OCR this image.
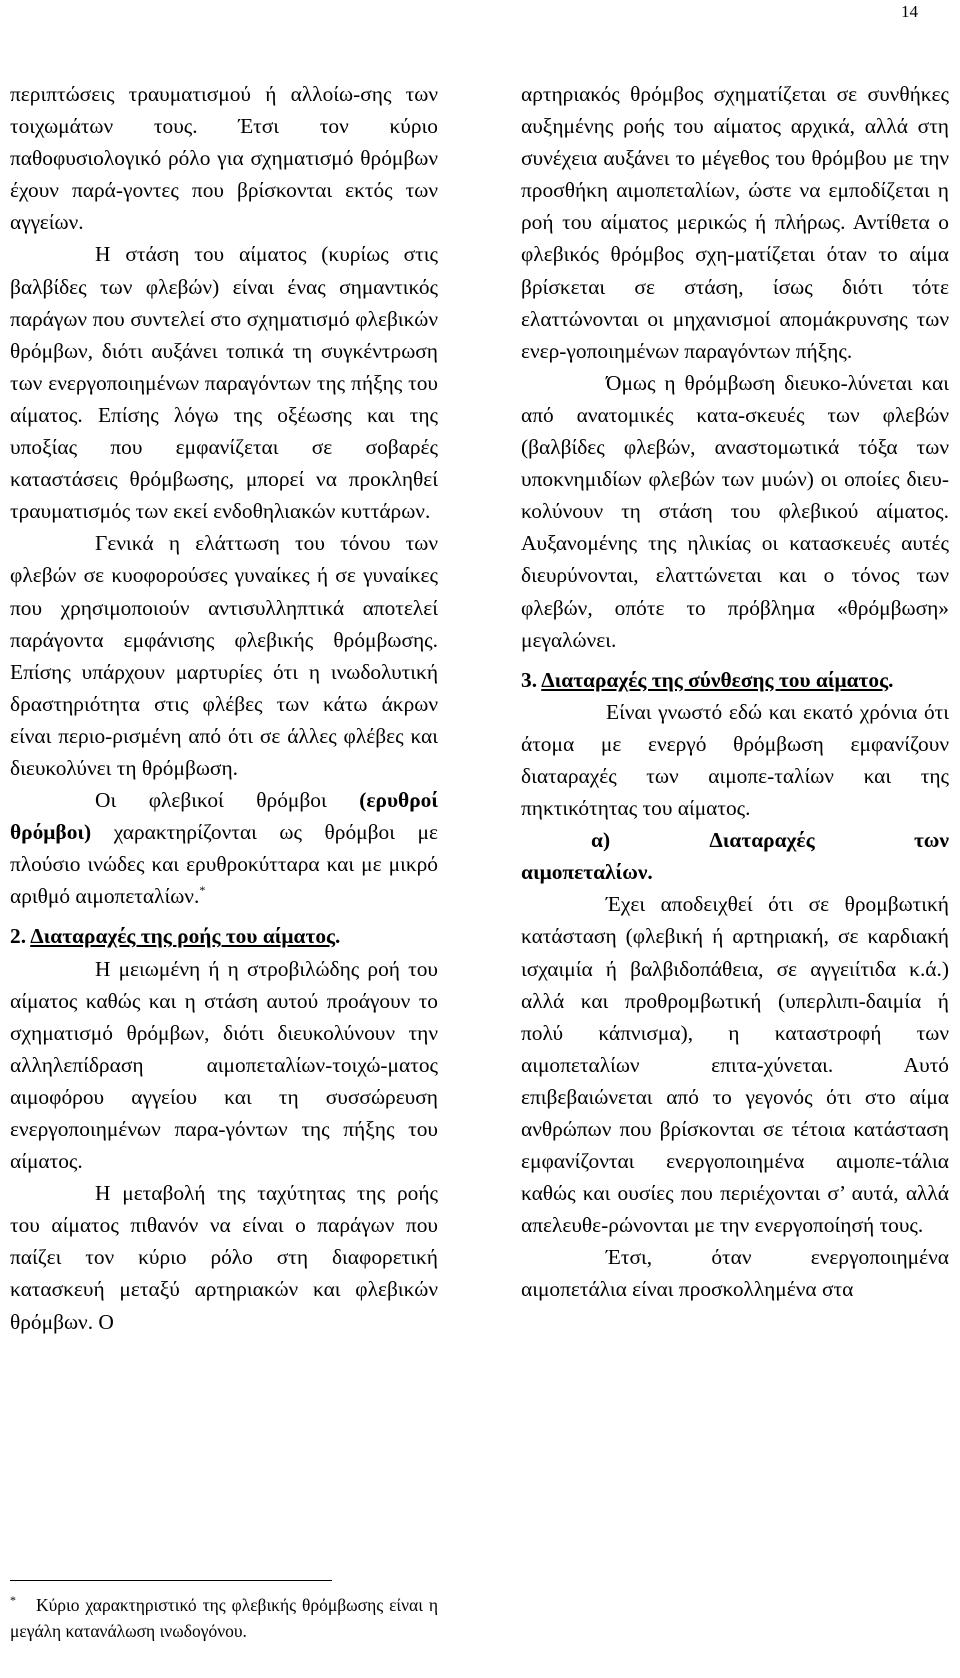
14

περιπτώσεις τραυματισμού ή αλλοίω-σης των τοιχωμάτων τους. Έτσι τον κύριο παθοφυσιολογικό ρόλο για σχηματισμό θρόμβων έχουν παρά-γοντες που βρίσκονται εκτός των αγγείων.

Η στάση του αίματος (κυρίως στις βαλβίδες των φλεβών) είναι ένας σημαντικός παράγων που συντελεί στο σχηματισμό φλεβικών θρόμβων, διότι αυξάνει τοπικά τη συγκέντρωση των ενεργοποιημένων παραγόντων της πήξης του αίματος. Επίσης λόγω της οξέωσης και της υποξίας που εμφανίζεται σε σοβαρές καταστάσεις θρόμβωσης, μπορεί να προκληθεί τραυματισμός των εκεί ενδοθηλιακών κυττάρων.

Γενικά η ελάττωση του τόνου των φλεβών σε κυοφορούσες γυναίκες ή σε γυναίκες που χρησιμοποιούν αντισυλληπτικά αποτελεί παράγοντα εμφάνισης φλεβικής θρόμβωσης. Επίσης υπάρχουν μαρτυρίες ότι η ινωδολυτική δραστηριότητα στις φλέβες των κάτω άκρων είναι περιο-ρισμένη από ότι σε άλλες φλέβες και διευκολύνει τη θρόμβωση.

Οι φλεβικοί θρόμβοι (ερυθροί θρόμβοι) χαρακτηρίζονται ως θρόμβοι με πλούσιο ινώδες και ερυθροκύτταρα και με μικρό αριθμό αιμοπεταλίων.*

2. Διαταραχές της ροής του αίματος.

Η μειωμένη ή η στροβιλώδης ροή του αίματος καθώς και η στάση αυτού προάγουν το σχηματισμό θρόμβων, διότι διευκολύνουν την αλληλεπίδραση αιμοπεταλίων-τοιχώ-ματος αιμοφόρου αγγείου και τη συσσώρευση ενεργοποιημένων παρα-γόντων της πήξης του αίματος.

Η μεταβολή της ταχύτητας της ροής του αίματος πιθανόν να είναι ο παράγων που παίζει τον κύριο ρόλο στη διαφορετική κατασκευή μεταξύ αρτηριακών και φλεβικών θρόμβων. Ο

αρτηριακός θρόμβος σχηματίζεται σε συνθήκες αυξημένης ροής του αίματος αρχικά, αλλά στη συνέχεια αυξάνει το μέγεθος του θρόμβου με την προσθήκη αιμοπεταλίων, ώστε να εμποδίζεται η ροή του αίματος μερικώς ή πλήρως. Αντίθετα ο φλεβικός θρόμβος σχη-ματίζεται όταν το αίμα βρίσκεται σε στάση, ίσως διότι τότε ελαττώνονται οι μηχανισμοί απομάκρυνσης των ενερ-γοποιημένων παραγόντων πήξης.

Όμως η θρόμβωση διευκο-λύνεται και από ανατομικές κατα-σκευές των φλεβών (βαλβίδες φλεβών, αναστομωτικά τόξα των υποκνημιδίων φλεβών των μυών) οι οποίες διευ-κολύνουν τη στάση του φλεβικού αίματος. Αυξανομένης της ηλικίας οι κατασκευές αυτές διευρύνονται, ελαττώνεται και ο τόνος των φλεβών, οπότε το πρόβλημα «θρόμβωση» μεγαλώνει.

3. Διαταραχές της σύνθεσης του αίματος.

Είναι γνωστό εδώ και εκατό χρόνια ότι άτομα με ενεργό θρόμβωση εμφανίζουν διαταραχές των αιμοπε-ταλίων και της πηκτικότητας του αίματος.

α)	Διαταραχές	των

αιμοπεταλίων.

Έχει αποδειχθεί ότι σε θρομβωτική κατάσταση (φλεβική ή αρτηριακή, σε καρδιακή ισχαιμία ή βαλβιδοπάθεια, σε αγγειίτιδα κ.ά.) αλλά και προθρομβωτική (υπερλιπι-δαιμία ή πολύ κάπνισμα), η καταστροφή των αιμοπεταλίων επιτα-χύνεται. Αυτό επιβεβαιώνεται από το γεγονός ότι στο αίμα ανθρώπων που βρίσκονται σε τέτοια κατάσταση εμφανίζονται ενεργοποιημένα αιμοπε-τάλια καθώς και ουσίες που περιέχονται σ’ αυτά, αλλά απελευθε-ρώνονται με την ενεργοποίησή τους.

Έτσι, όταν ενεργοποιημένα αιμοπετάλια είναι προσκολλημένα στα

* Κύριο χαρακτηριστικό της φλεβικής θρόμβωσης είναι η μεγάλη κατανάλωση ινωδογόνου.
